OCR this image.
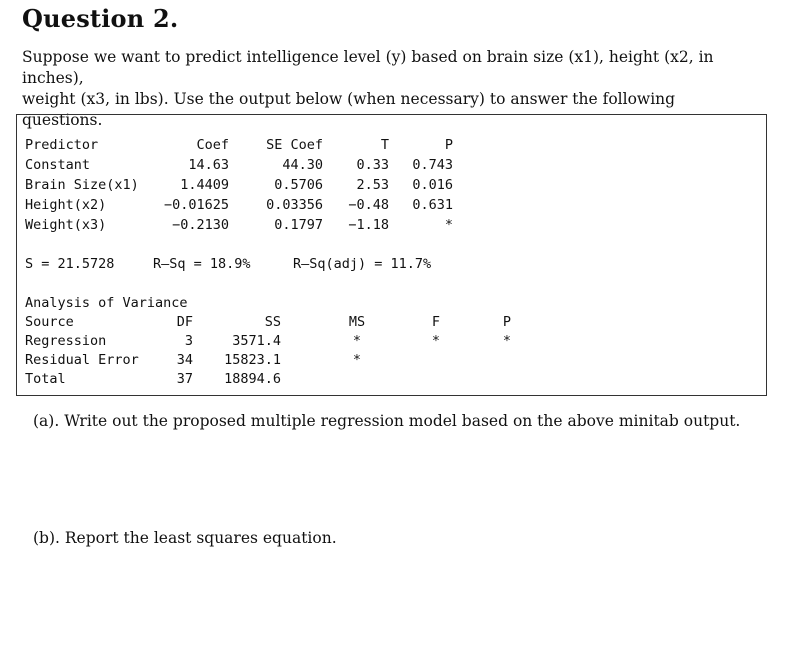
Question 2.
Suppose we want to predict intelligence level (y) based on brain size (x1), height (x2, in inches),
weight (x3, in lbs). Use the output below (when necessary) to answer the following questions.
Predictor	Coef	SE Coef	T	P
Constant	14.63	44.30	0.33	0.743
Brain Size(x1)	1.4409	0.5706	2.53	0.016
Height(x2)	−0.01625	0.03356	−0.48	0.631
Weight(x3)	−0.2130	0.1797	−1.18	*
S = 21.5728	R–Sq = 18.9%	R–Sq(adj) = 11.7%
Analysis of Variance
Source	DF	SS	MS	F	P
Regression	3	3571.4	*	*	*
Residual Error	34	15823.1	*
Total	37	18894.6
(a). Write out the proposed multiple regression model based on the above minitab output.
(b). Report the least squares equation.
